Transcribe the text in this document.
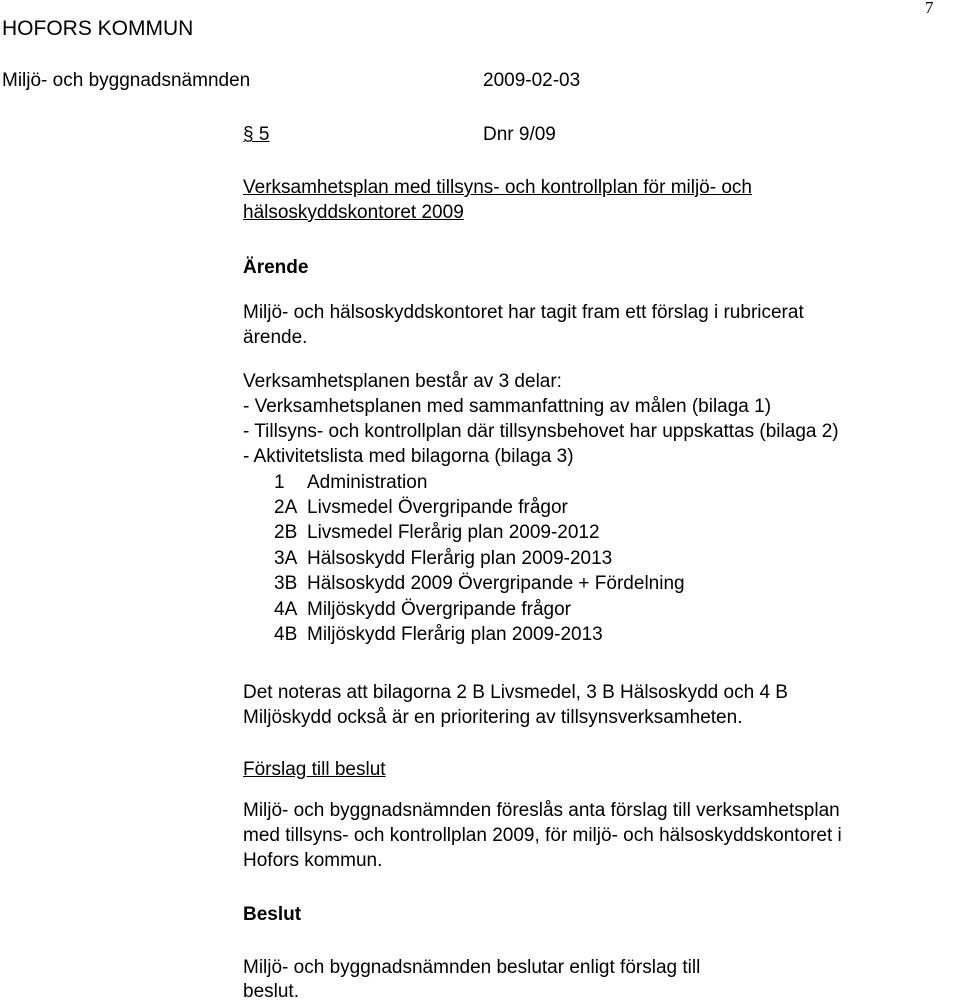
7
HOFORS KOMMUN
Miljö- och byggnadsnämnden	2009-02-03
§ 5	Dnr 9/09
Verksamhetsplan med tillsyns- och kontrollplan för miljö- och
hälsoskyddskontoret 2009
Ärende
Miljö- och hälsoskyddskontoret har tagit fram ett förslag i rubricerat
ärende.
Verksamhetsplanen består av 3 delar:
- Verksamhetsplanen med sammanfattning av målen (bilaga 1)
- Tillsyns- och kontrollplan där tillsynsbehovet har uppskattas (bilaga 2)
- Aktivitetslista med bilagorna (bilaga 3)
1 Administration
2A Livsmedel Övergripande frågor
2B Livsmedel Flerårig plan 2009-2012
3A Hälsoskydd Flerårig plan 2009-2013
3B Hälsoskydd 2009 Övergripande + Fördelning
4A Miljöskydd Övergripande frågor
4B Miljöskydd Flerårig plan 2009-2013
Det noteras att bilagorna 2 B Livsmedel, 3 B Hälsoskydd och 4 B
Miljöskydd också är en prioritering av tillsynsverksamheten.
Förslag till beslut
Miljö- och byggnadsnämnden föreslås anta förslag till verksamhetsplan
med tillsyns- och kontrollplan 2009, för miljö- och hälsoskyddskontoret i
Hofors kommun.
Beslut
Miljö- och byggnadsnämnden beslutar enligt förslag till
beslut.
